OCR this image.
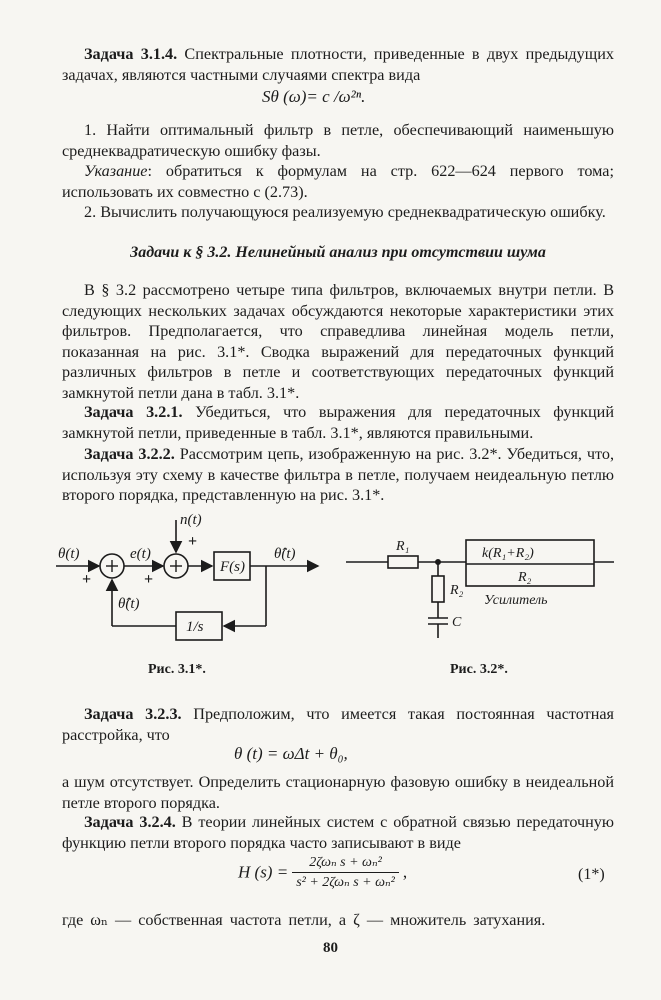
Задача 3.1.4. Спектральные плотности, приведенные в двух предыдущих задачах, являются частными случаями спектра вида

Sθ (ω)= c /ω²ⁿ.

1. Найти оптимальный фильтр в петле, обеспечивающий наименьшую среднеквадратическую ошибку фазы.

Указание: обратиться к формулам на стр. 622—624 первого тома; использовать их совместно с (2.73).

2. Вычислить получающуюся реализуемую среднеквадратическую ошибку.

Задачи к § 3.2. Нелинейный анализ при отсутствии шума

В § 3.2 рассмотрено четыре типа фильтров, включаемых внутри петли. В следующих нескольких задачах обсуждаются некоторые характеристики этих фильтров. Предполагается, что справедлива линейная модель петли, показанная на рис. 3.1*. Сводка выражений для передаточных функций различных фильтров в петле и соответствующих передаточных функций замкнутой петли дана в табл. 3.1*.

Задача 3.2.1. Убедиться, что выражения для передаточных функций замкнутой петли, приведенные в табл. 3.1*, являются правильными.

Задача 3.2.2. Рассмотрим цепь, изображенную на рис. 3.2*. Убедиться, что, используя эту схему в качестве фильтра в петле, получаем неидеальную петлю второго порядка, представленную на рис. 3.1*.

θ(t)	e(t)
n(t)
F(s)
θ̂(t)
θ̂(t)
1/s
+	+
+
Рис. 3.1*.
R₁
R₂
C
k(R₁+R₂)
R₂
Усилитель
Рис. 3.2*.

Задача 3.2.3. Предположим, что имеется такая постоянная частотная расстройка, что

θ (t) = ωΔt + θ₀,

а шум отсутствует. Определить стационарную фазовую ошибку в неидеальной петле второго порядка.

Задача 3.2.4. В теории линейных систем с обратной связью передаточную функцию петли второго порядка часто записывают в виде

H $(s) = \frac{\text{2ζωₙ s + ωₙ²}}{\text{s² + 2ζωₙ s + ωₙ²}}$ ,	(1*)

где ωₙ — собственная частота петли, а ζ — множитель затухания.

80
